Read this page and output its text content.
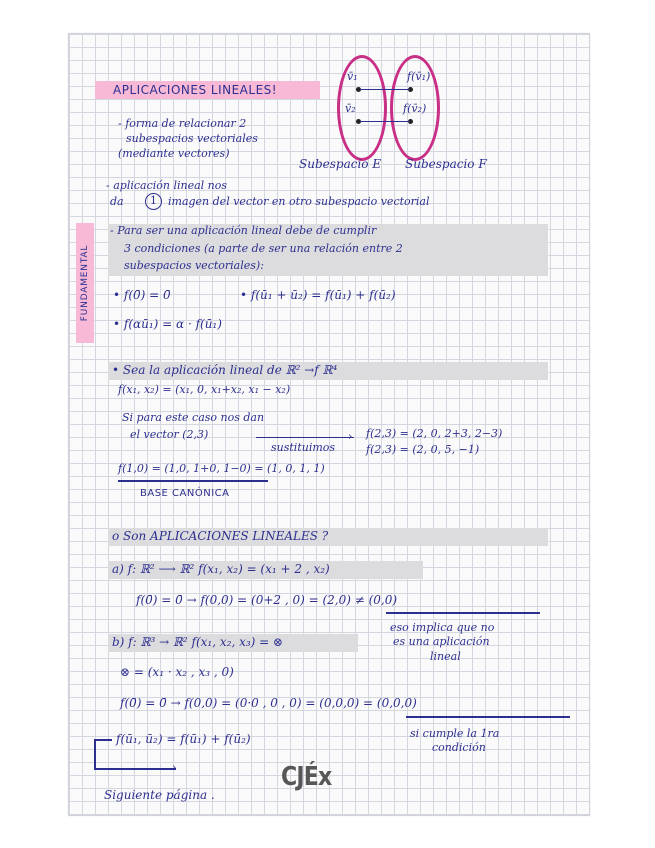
APLICACIONES LINEALES!
v̄₁
v̄₂
f(v̄₁)
f(v̄₂)
Subespacio E Subespacio F
- forma de relacionar 2
subespacios vectoriales
(mediante vectores)
- aplicación lineal nos
da	1	imagen del vector en otro subespacio vectorial
FUNDAMENTAL
- Para ser una aplicación lineal debe de cumplir
3 condiciones (a parte de ser una relación entre 2
subespacios vectoriales):
• f(0̄) = 0̄	• f(ū₁ + ū₂) = f(ū₁) + f(ū₂)
• f(αū₁) = α · f(ū₁)
• Sea la aplicación lineal de ℝ² →f ℝ⁴
f(x₁, x₂) = (x₁, 0, x₁+x₂, x₁ − x₂)
Si para este caso nos dan
el vector (2,3)	›
sustituimos
f(2,3) = (2, 0, 2+3, 2−3)
f(2,3) = (2, 0, 5, −1)
f(1,0) = (1,0, 1+0, 1−0) = (1, 0, 1, 1)
BASE CANÓNICA
o Son APLICACIONES LINEALES ?
a) f: ℝ² ⟶ ℝ² f(x₁, x₂) = (x₁ + 2 , x₂)
f(0̄) = 0̄ → f(0,0) = (0+2 , 0) = (2,0) ≠ (0,0)
eso implica que no
es una aplicación
lineal
b) f: ℝ³ → ℝ² f(x₁, x₂, x₃) = ⊗
⊗ = (x₁ · x₂ , x₃ , 0)
f(0̄) = 0̄ → f(0,0) = (0·0 , 0 , 0) = (0,0,0) = (0,0,0)
si cumple la 1ra
condición
›
f(ū₁, ū₂) = f(ū₁) + f(ū₂)
Siguiente página .
CJÉx
